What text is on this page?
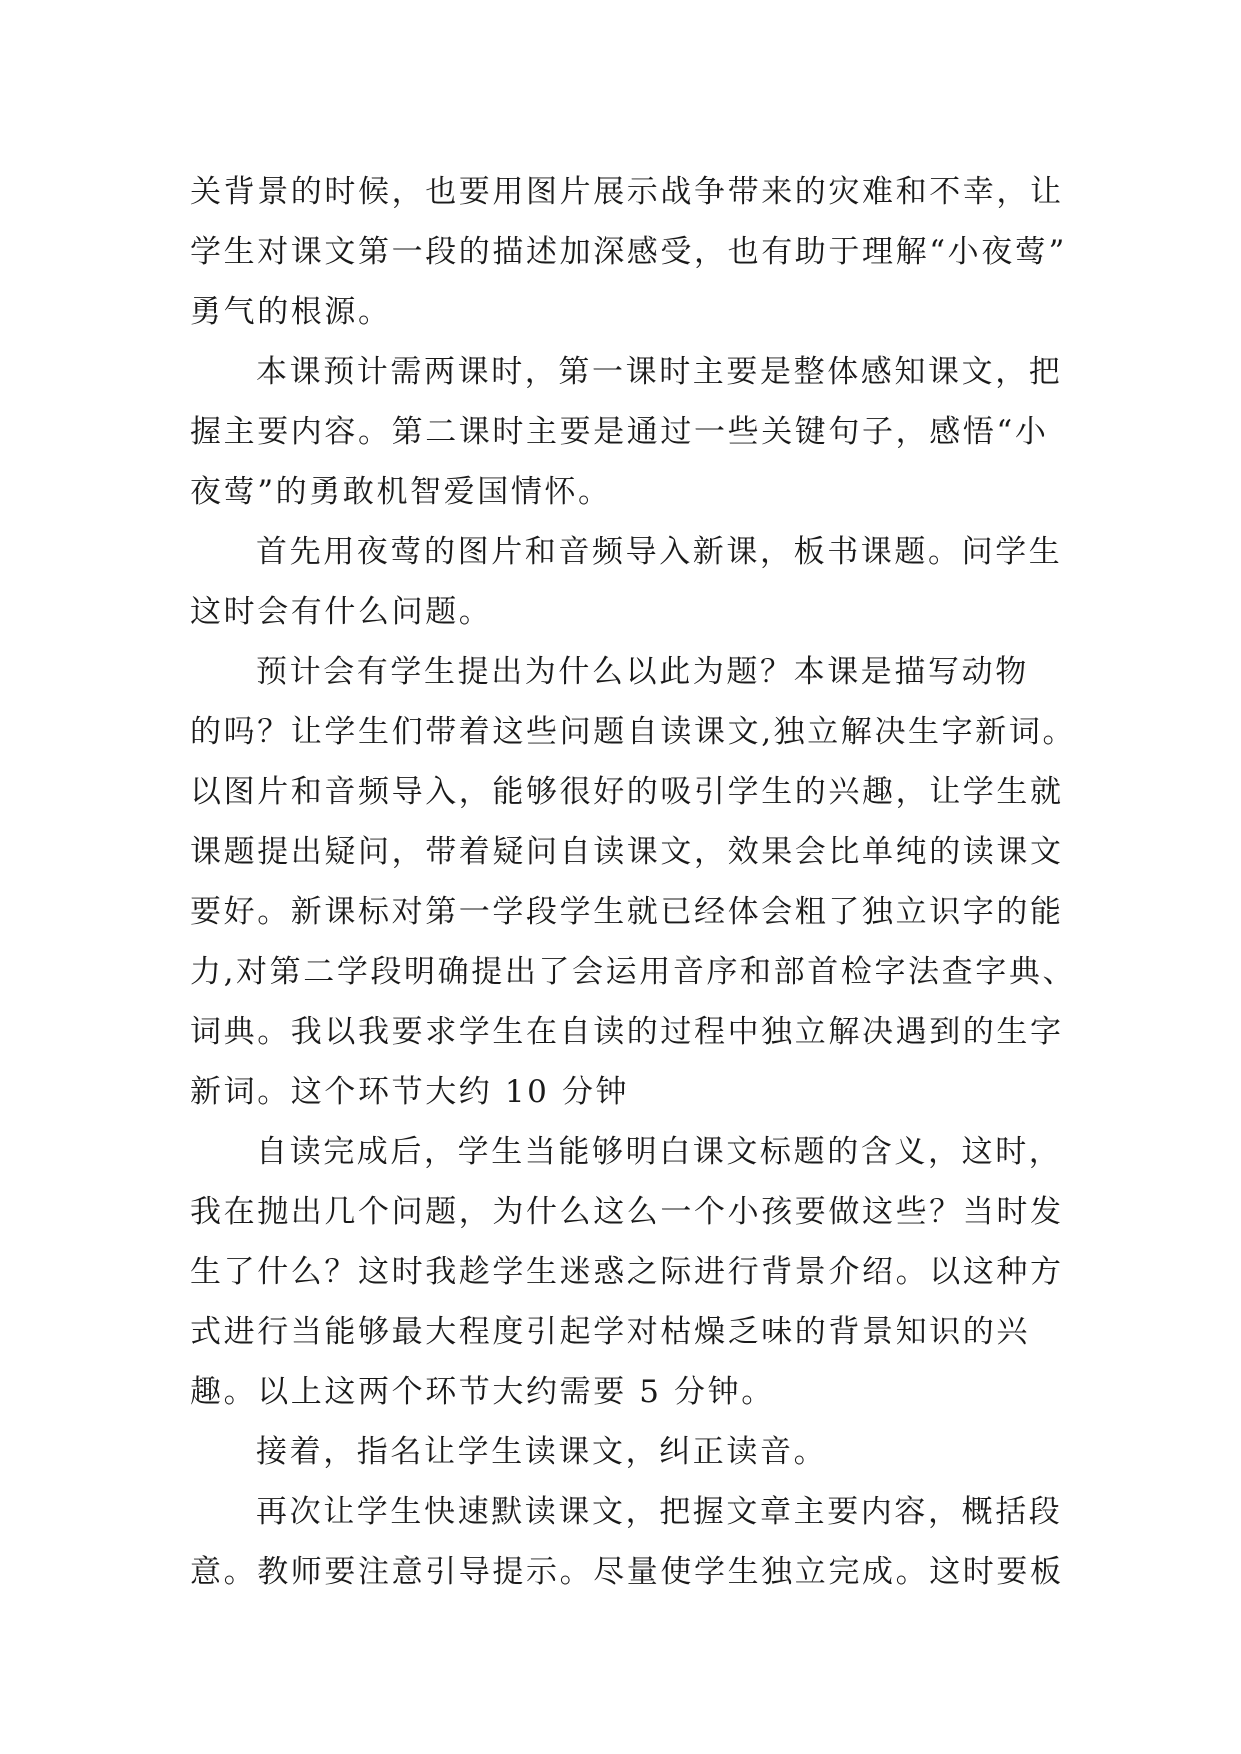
关背景的时候，也要用图片展示战争带来的灾难和不幸，让
学生对课文第一段的描述加深感受，也有助于理解“小夜莺”
勇气的根源。
本课预计需两课时，第一课时主要是整体感知课文，把
握主要内容。第二课时主要是通过一些关键句子，感悟“小
夜莺”的勇敢机智爱国情怀。
首先用夜莺的图片和音频导入新课，板书课题。问学生
这时会有什么问题。
预计会有学生提出为什么以此为题？本课是描写动物
的吗？让学生们带着这些问题自读课文,独立解决生字新词。
以图片和音频导入，能够很好的吸引学生的兴趣，让学生就
课题提出疑问，带着疑问自读课文，效果会比单纯的读课文
要好。新课标对第一学段学生就已经体会粗了独立识字的能
力,对第二学段明确提出了会运用音序和部首检字法查字典、
词典。我以我要求学生在自读的过程中独立解决遇到的生字
新词。这个环节大约 10 分钟
自读完成后，学生当能够明白课文标题的含义，这时，
我在抛出几个问题，为什么这么一个小孩要做这些？当时发
生了什么？这时我趁学生迷惑之际进行背景介绍。以这种方
式进行当能够最大程度引起学对枯燥乏味的背景知识的兴
趣。以上这两个环节大约需要 5 分钟。
接着，指名让学生读课文，纠正读音。
再次让学生快速默读课文，把握文章主要内容，概括段
意。教师要注意引导提示。尽量使学生独立完成。这时要板
